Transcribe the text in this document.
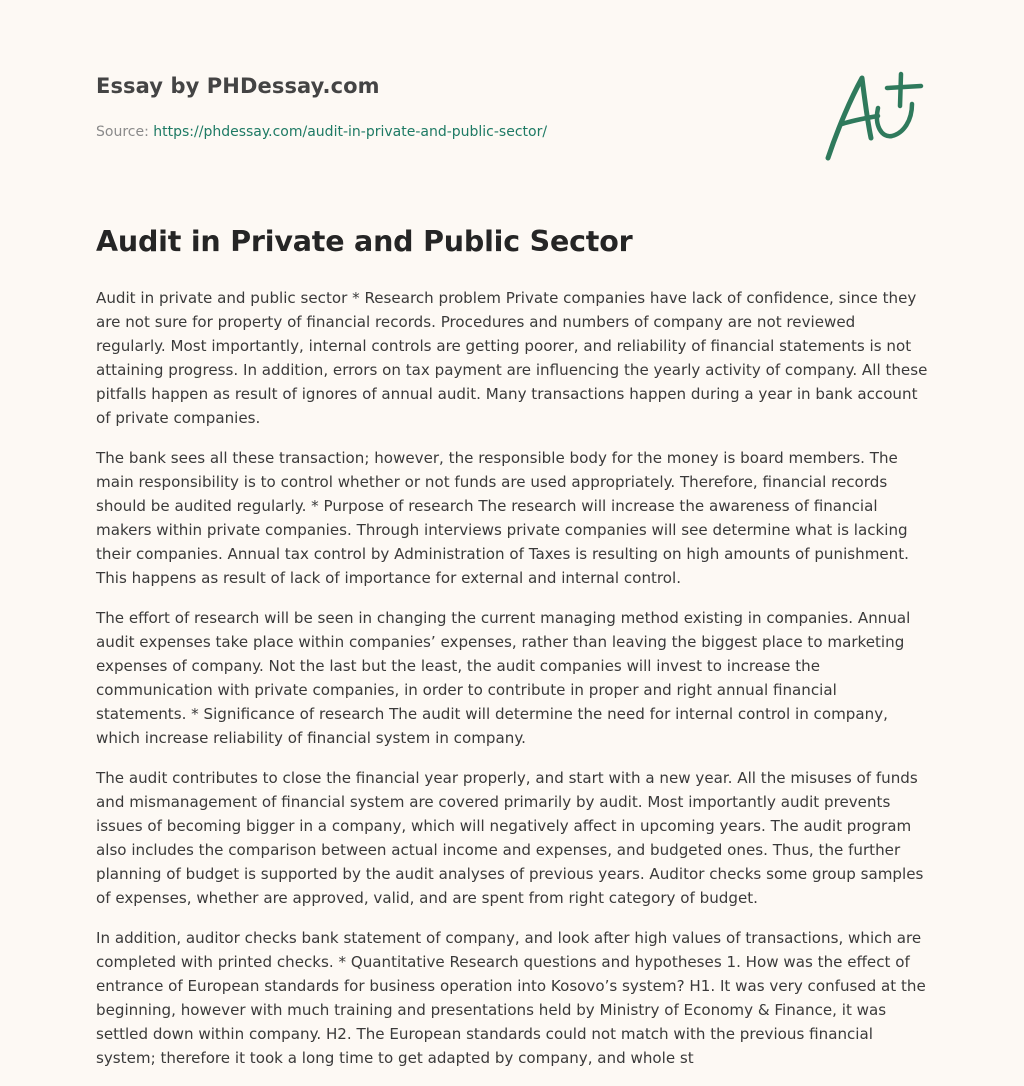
Essay by PHDessay.com
Source: https://phdessay.com/audit-in-private-and-public-sector/
Audit in Private and Public Sector

Audit in private and public sector * Research problem Private companies have lack of confidence, since they are not sure for property of financial records. Procedures and numbers of company are not reviewed regularly. Most importantly, internal controls are getting poorer, and reliability of financial statements is not attaining progress. In addition, errors on tax payment are influencing the yearly activity of company. All these pitfalls happen as result of ignores of annual audit. Many transactions happen during a year in bank account of private companies.

The bank sees all these transaction; however, the responsible body for the money is board members. The main responsibility is to control whether or not funds are used appropriately. Therefore, financial records should be audited regularly. * Purpose of research The research will increase the awareness of financial makers within private companies. Through interviews private companies will see determine what is lacking their companies. Annual tax control by Administration of Taxes is resulting on high amounts of punishment. This happens as result of lack of importance for external and internal control.

The effort of research will be seen in changing the current managing method existing in companies. Annual audit expenses take place within companies’ expenses, rather than leaving the biggest place to marketing expenses of company. Not the last but the least, the audit companies will invest to increase the communication with private companies, in order to contribute in proper and right annual financial statements. * Significance of research The audit will determine the need for internal control in company, which increase reliability of financial system in company.

The audit contributes to close the financial year properly, and start with a new year. All the misuses of funds and mismanagement of financial system are covered primarily by audit. Most importantly audit prevents issues of becoming bigger in a company, which will negatively affect in upcoming years. The audit program also includes the comparison between actual income and expenses, and budgeted ones. Thus, the further planning of budget is supported by the audit analyses of previous years. Auditor checks some group samples of expenses, whether are approved, valid, and are spent from right category of budget.

In addition, auditor checks bank statement of company, and look after high values of transactions, which are completed with printed checks. * Quantitative Research questions and hypotheses 1. How was the effect of entrance of European standards for business operation into Kosovo’s system? H1. It was very confused at the beginning, however with much training and presentations held by Ministry of Economy & Finance, it was settled down within company. H2. The European standards could not match with the previous financial system; therefore it took a long time to get adapted by company, and whole st
